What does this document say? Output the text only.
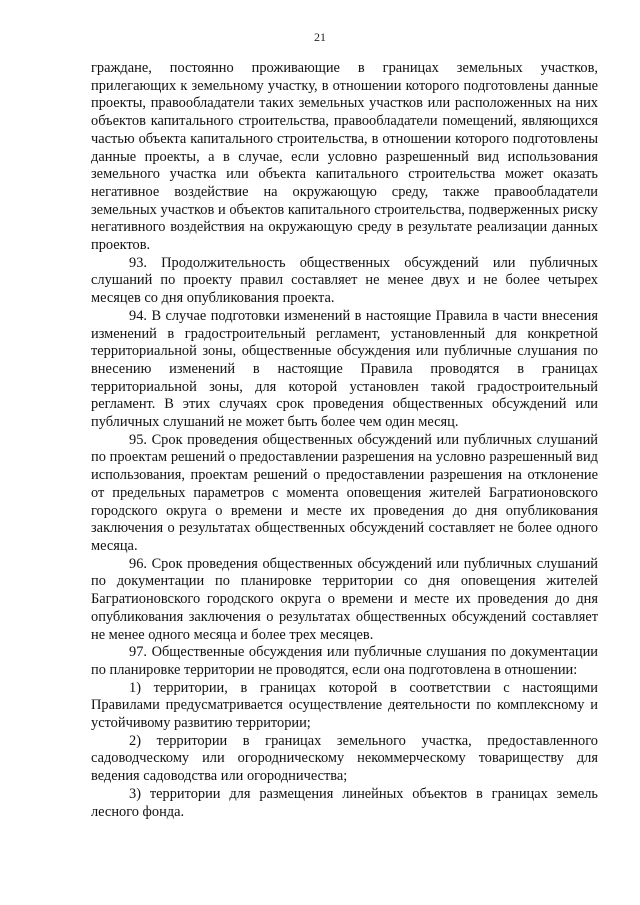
21

граждане, постоянно проживающие в границах земельных участков, прилегающих к земельному участку, в отношении которого подготовлены данные проекты, правообладатели таких земельных участков или расположенных на них объектов капитального строительства, правообладатели помещений, являющихся частью объекта капитального строительства, в отношении которого подготовлены данные проекты, а в случае, если условно разрешенный вид использования земельного участка или объекта капитального строительства может оказать негативное воздействие на окружающую среду, также правообладатели земельных участков и объектов капитального строительства, подверженных риску негативного воздействия на окружающую среду в результате реализации данных проектов.

93. Продолжительность общественных обсуждений или публичных слушаний по проекту правил составляет не менее двух и не более четырех месяцев со дня опубликования проекта.

94. В случае подготовки изменений в настоящие Правила в части внесения изменений в градостроительный регламент, установленный для конкретной территориальной зоны, общественные обсуждения или публичные слушания по внесению изменений в настоящие Правила проводятся в границах территориальной зоны, для которой установлен такой градостроительный регламент. В этих случаях срок проведения общественных обсуждений или публичных слушаний не может быть более чем один месяц.

95. Срок проведения общественных обсуждений или публичных слушаний по проектам решений о предоставлении разрешения на условно разрешенный вид использования, проектам решений о предоставлении разрешения на отклонение от предельных параметров с момента оповещения жителей Багратионовского городского округа о времени и месте их проведения до дня опубликования заключения о результатах общественных обсуждений составляет не более одного месяца.

96. Срок проведения общественных обсуждений или публичных слушаний по документации по планировке территории со дня оповещения жителей Багратионовского городского округа о времени и месте их проведения до дня опубликования заключения о результатах общественных обсуждений составляет не менее одного месяца и более трех месяцев.

97. Общественные обсуждения или публичные слушания по документации по планировке территории не проводятся, если она подготовлена в отношении:

1) территории, в границах которой в соответствии с настоящими Правилами предусматривается осуществление деятельности по комплексному и устойчивому развитию территории;

2) территории в границах земельного участка, предоставленного садоводческому или огородническому некоммерческому товариществу для ведения садоводства или огородничества;

3) территории для размещения линейных объектов в границах земель лесного фонда.
